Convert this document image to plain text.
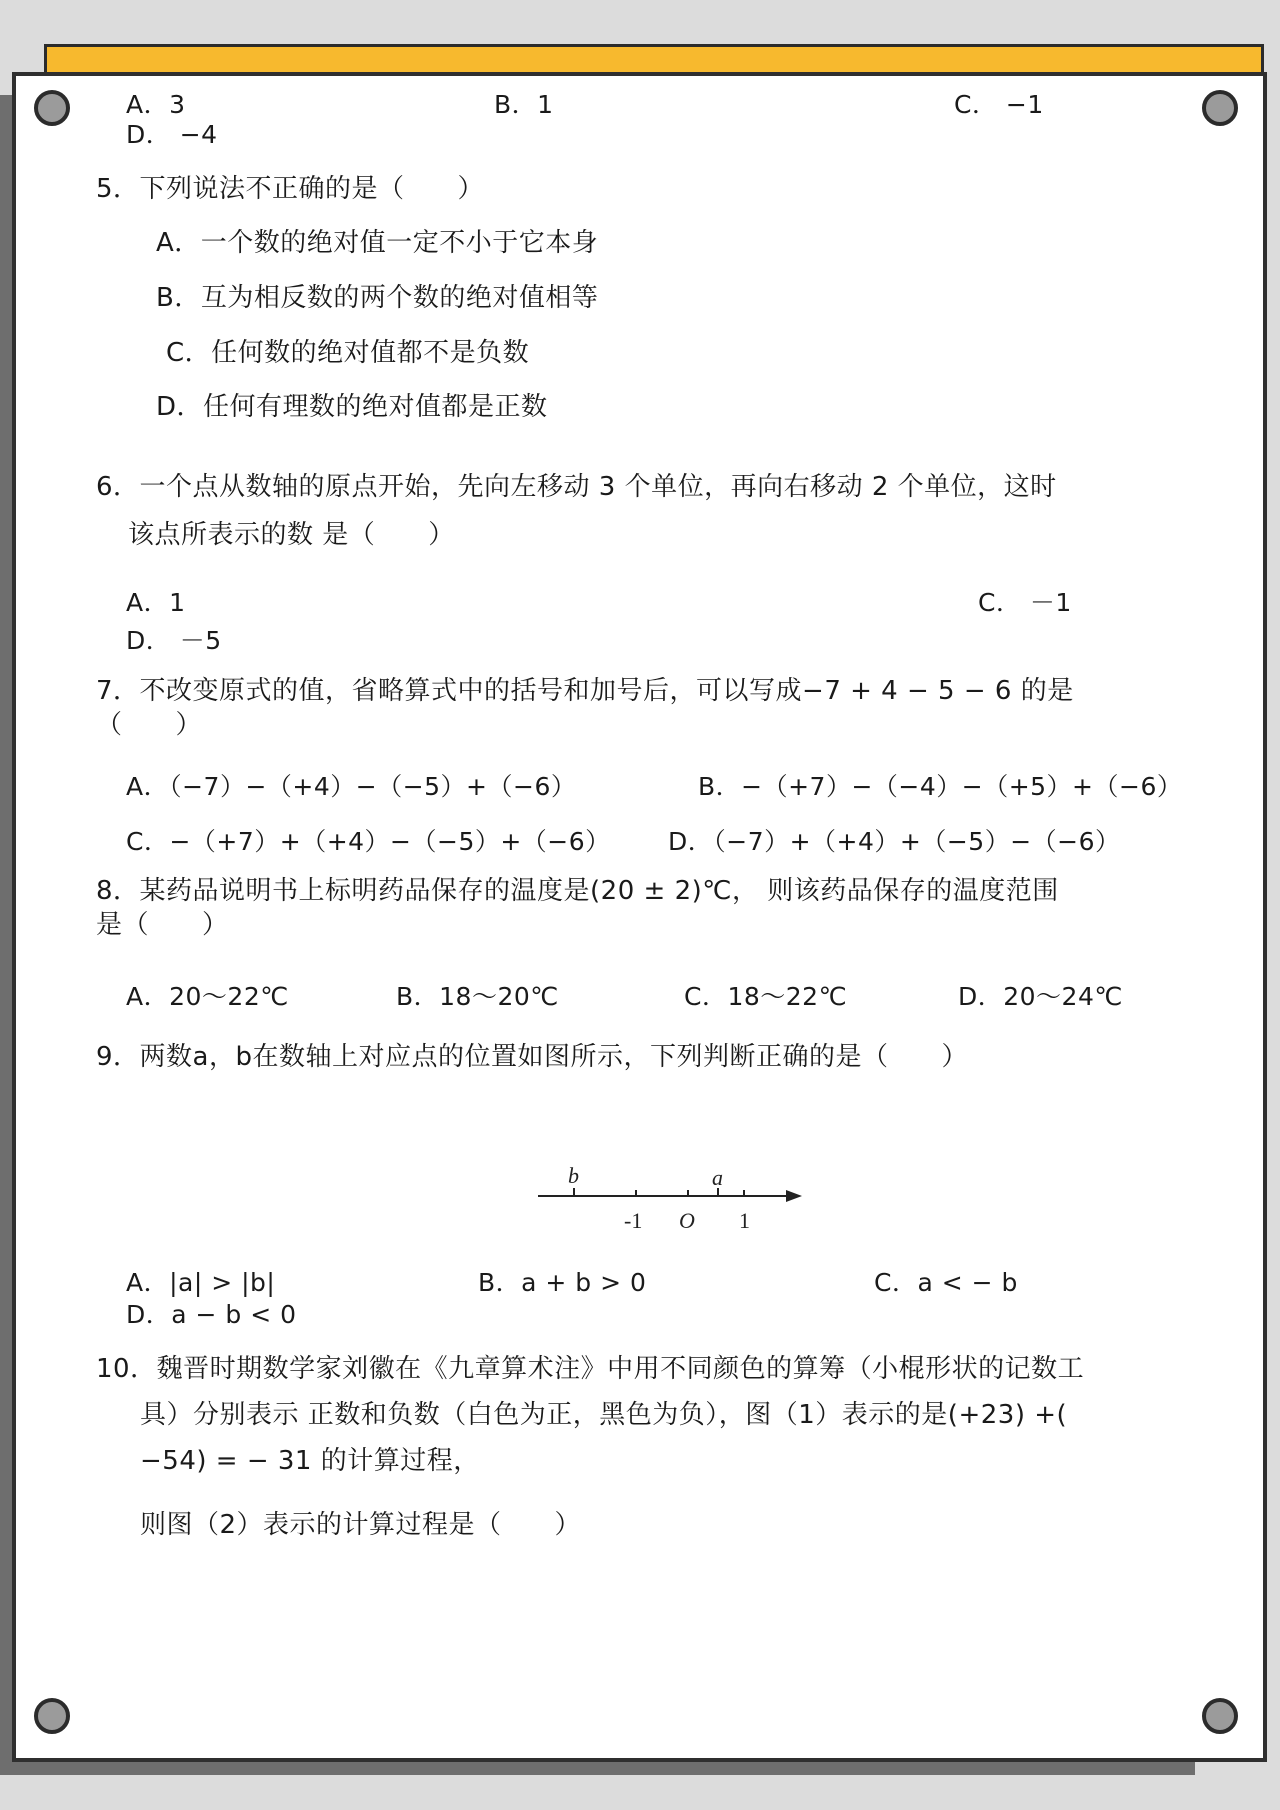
A．3	B．1	C． −1
D． −4
5．下列说法不正确的是（　　）
A．一个数的绝对值一定不小于它本身
B．互为相反数的两个数的绝对值相等
C．任何数的绝对值都不是负数
D．任何有理数的绝对值都是正数
6．一个点从数轴的原点开始，先向左移动 3 个单位，再向右移动 2 个单位，这时
该点所表示的数 是（　　）
A．1	C． －1
D． －5
7．不改变原式的值，省略算式中的括号和加号后，可以写成−7 + 4 − 5 − 6 的是
（　　）
A．（−7）−（+4）−（−5）+（−6）	B．−（+7）−（−4）−（+5）+（−6）
C．−（+7）+（+4）−（−5）+（−6） D．（−7）+（+4）+（−5）−（−6）
8．某药品说明书上标明药品保存的温度是(20 ± 2)℃， 则该药品保存的温度范围
是（　　）
A．20～22℃	B．18～20℃	C．18～22℃	D．20～24℃
9．两数a，b在数轴上对应点的位置如图所示，下列判断正确的是（　　）
b	a
-1 O 1
A．|a| > |b|	B．a + b > 0	C．a < − b
D．a − b < 0
10．魏晋时期数学家刘徽在《九章算术注》中用不同颜色的算筹（小棍形状的记数工
具）分别表示 正数和负数（白色为正，黑色为负），图（1）表示的是(+23) +(
−54) = − 31 的计算过程，
则图（2）表示的计算过程是（　　）
